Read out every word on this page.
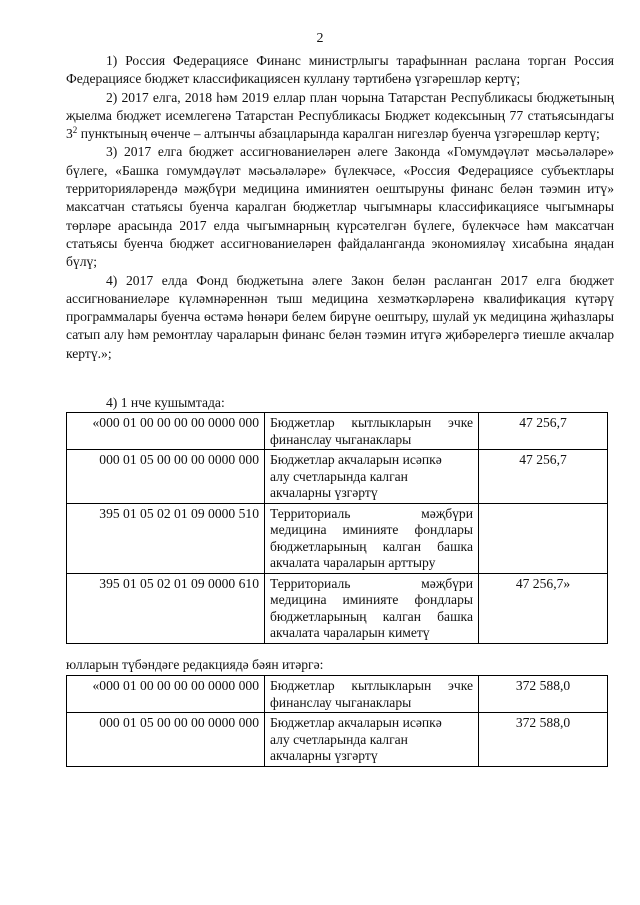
2

1) Россия Федерациясе Финанс министрлыгы тарафыннан раслана торган Россия Федерациясе бюджет классификациясен куллану тәртибенә үзгәрешләр кертү;

2) 2017 елга, 2018 һәм 2019 еллар план чорына Татарстан Республикасы бюджетының җыелма бюджет исемлегенә Татарстан Республикасы Бюджет кодексының 77 статьясындагы $3^2$ пунктының өченче – алтынчы абзацларында каралган нигезләр буенча үзгәрешләр кертү;

3) 2017 елга бюджет ассигнованиеләрен әлеге Законда «Гомумдәүләт мәсьәләләре» бүлеге, «Башка гомумдәүләт мәсьәләләре» бүлекчәсе, «Россия Федерациясе субъектлары территорияләрендә мәҗбүри медицина иминиятен оештыруны финанс белән тәэмин итү» максатчан статьясы буенча каралган бюджетлар чыгымнары классификациясе чыгымнары төрләре арасында 2017 елда чыгымнарның күрсәтелгән бүлеге, бүлекчәсе һәм максатчан статьясы буенча бюджет ассигнованиеләрен файдаланганда экономияләү хисабына яңадан бүлү;

4) 2017 елда Фонд бюджетына әлеге Закон белән расланган 2017 елга бюджет ассигнованиеләре күләмнәреннән тыш медицина хезмәткәрләренә квалификация күтәрү программалары буенча өстәмә һөнәри белем бирүне оештыру, шулай ук медицина җиһазлары сатып алу һәм ремонтлау чараларын финанс белән тәэмин итүгә җибәрелергә тиешле акчалар кертү.»;

4) 1 нче кушымтада:
«000 01 00 00 00 00 0000 000	Бюджетлар кытлыкларын эчке
финанслау чыганаклары	47 256,7
000 01 05 00 00 00 0000 000	Бюджетлар акчаларын исәпкә
алу счетларында калган
акчаларны үзгәртү	47 256,7
395 01 05 02 01 09 0000 510	Территориаль мәҗбүри
медицина иминияте фондлары
бюджетларының калган башка
акчалата чараларын арттыру	

395 01 05 02 01 09 0000 610	Территориаль мәҗбүри
медицина иминияте фондлары
бюджетларының калган башка
акчалата чараларын киметү	47 256,7»
юлларын түбәндәге редакциядә бәян итәргә:
«000 01 00 00 00 00 0000 000	Бюджетлар кытлыкларын эчке
финанслау чыганаклары	372 588,0
000 01 05 00 00 00 0000 000	Бюджетлар акчаларын исәпкә
алу счетларында калган
акчаларны үзгәртү	372 588,0
